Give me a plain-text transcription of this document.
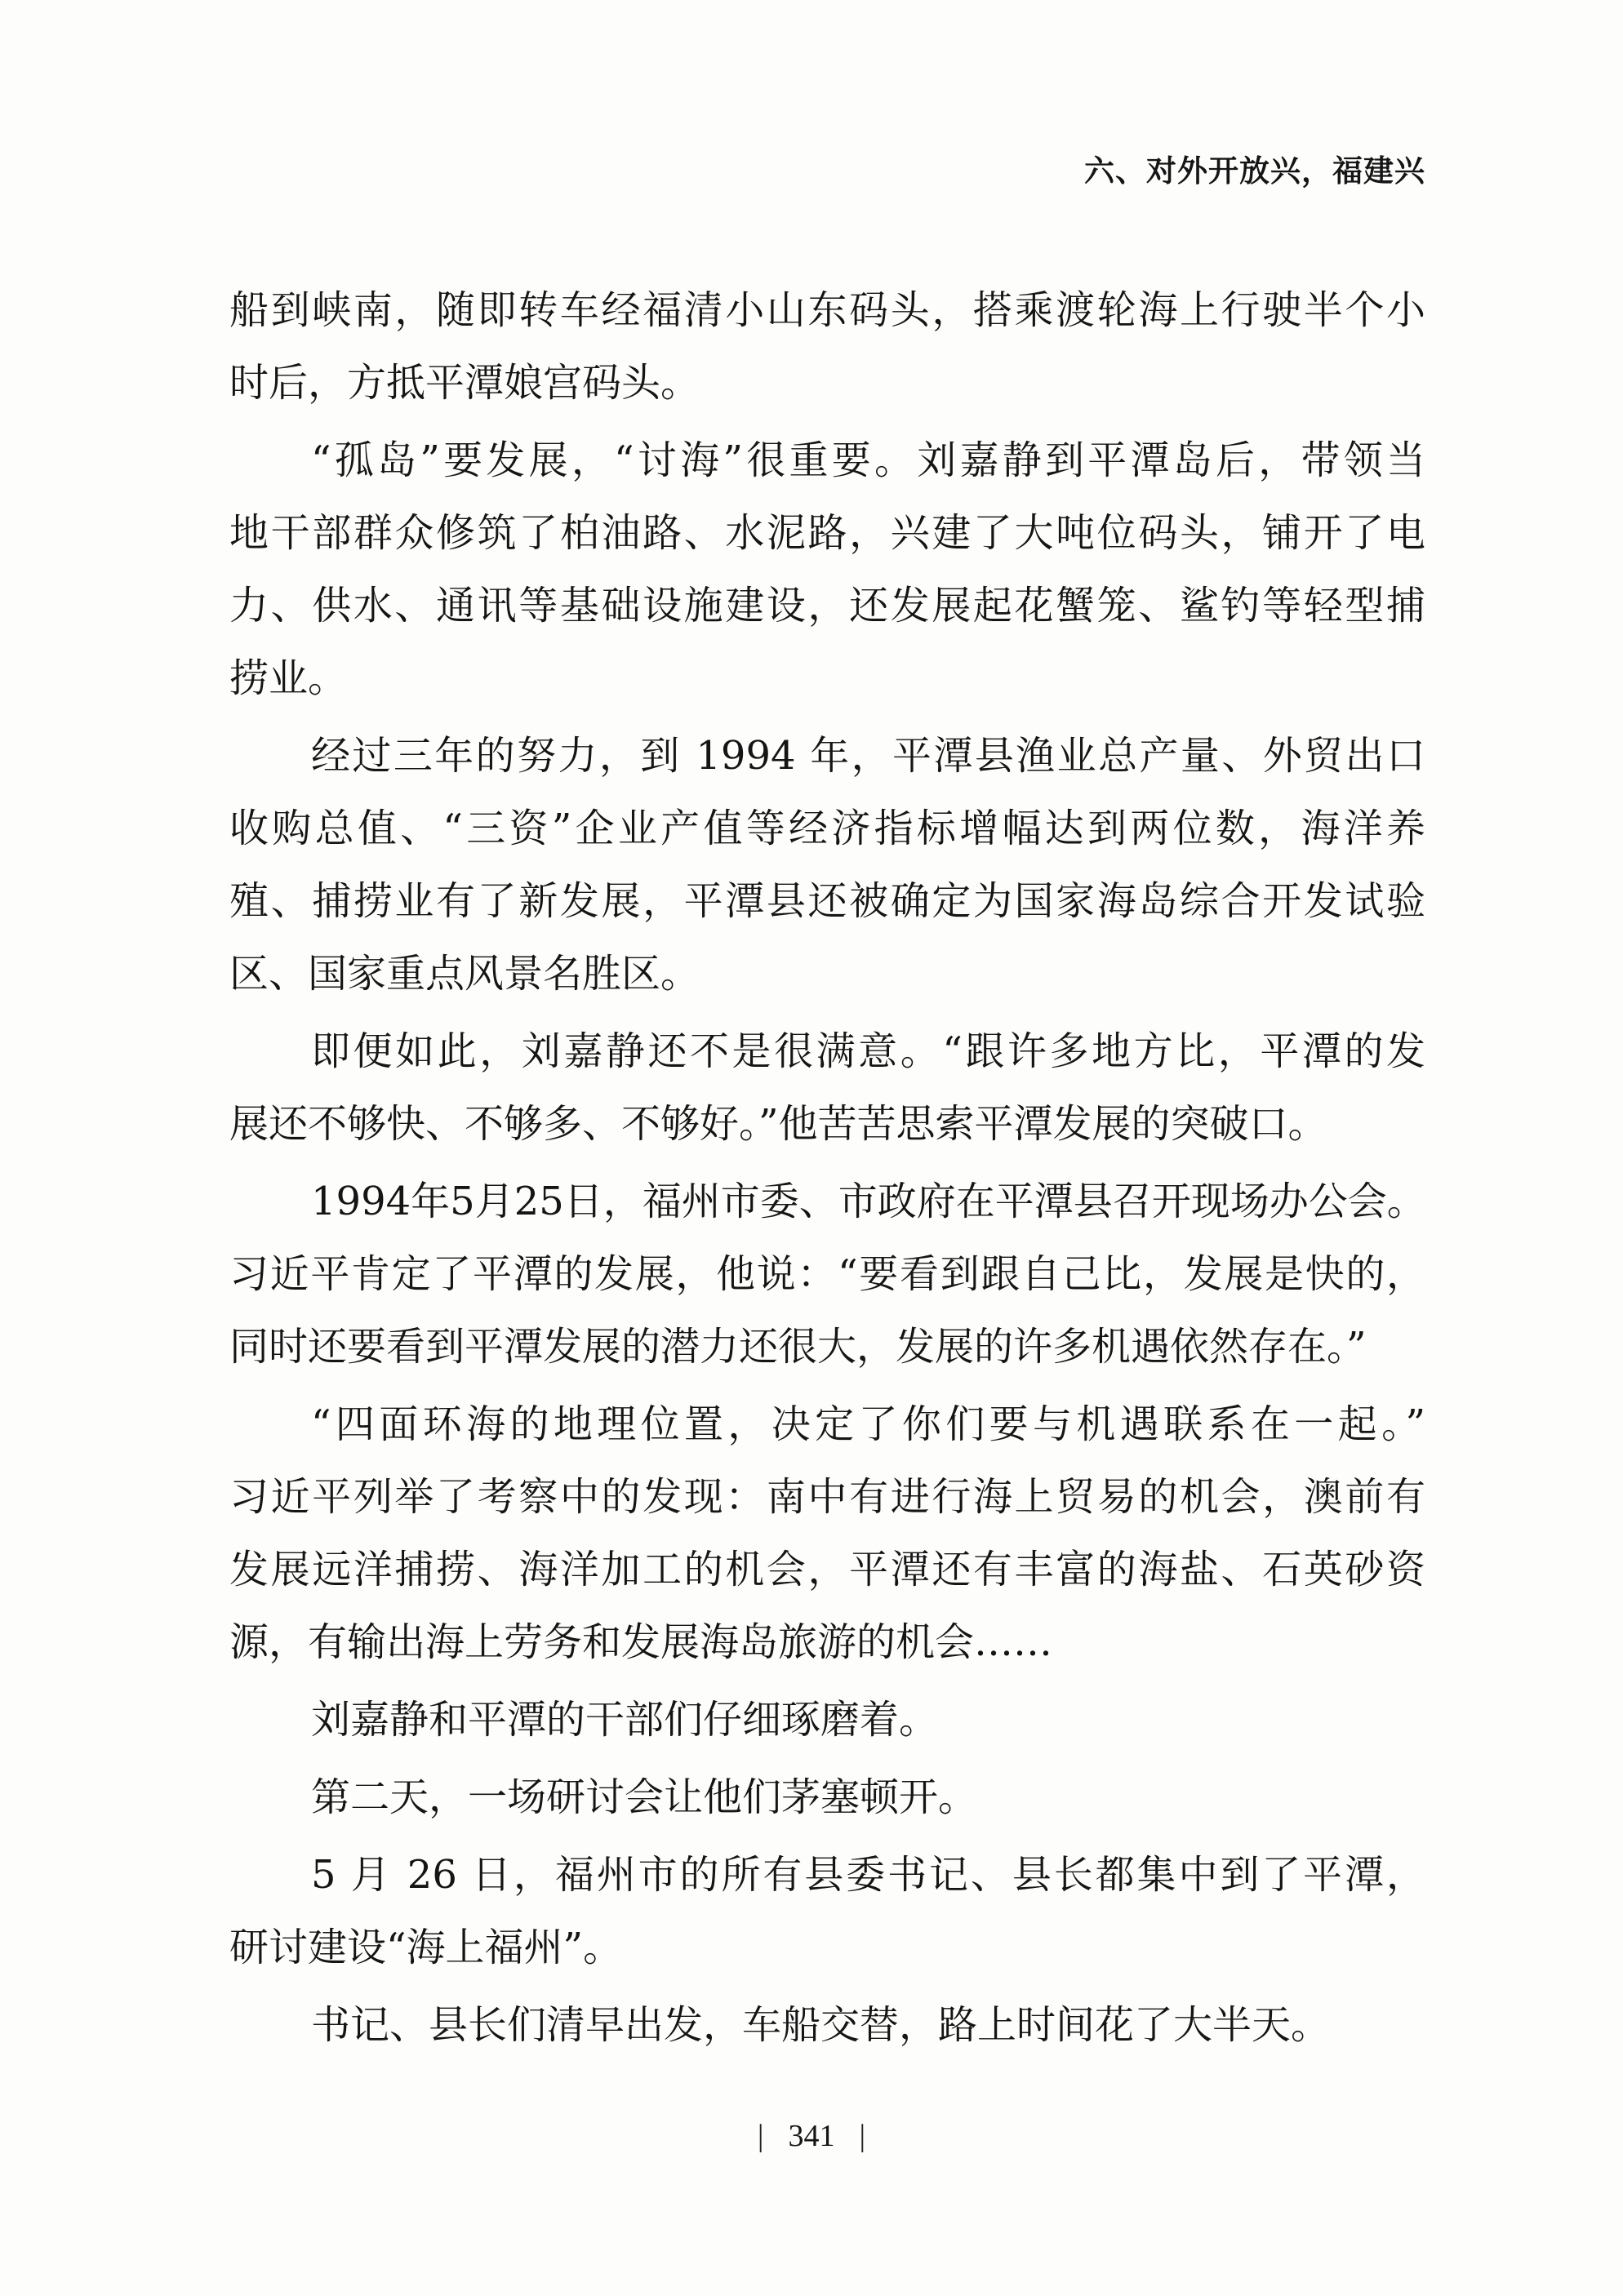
六、对外开放兴，福建兴
船到峡南，随即转车经福清小山东码头，搭乘渡轮海上行驶半个小
时后，方抵平潭娘宫码头。
“孤岛”要发展，“讨海”很重要。刘嘉静到平潭岛后，带领当
地干部群众修筑了柏油路、水泥路，兴建了大吨位码头，铺开了电
力、供水、通讯等基础设施建设，还发展起花蟹笼、鲨钓等轻型捕
捞业。
经过三年的努力，到 1994 年，平潭县渔业总产量、外贸出口
收购总值、“三资”企业产值等经济指标增幅达到两位数，海洋养
殖、捕捞业有了新发展，平潭县还被确定为国家海岛综合开发试验
区、国家重点风景名胜区。
即便如此，刘嘉静还不是很满意。“跟许多地方比，平潭的发
展还不够快、不够多、不够好。”他苦苦思索平潭发展的突破口。
1994年5月25日，福州市委、市政府在平潭县召开现场办公会。
习近平肯定了平潭的发展，他说：“要看到跟自己比，发展是快的，
同时还要看到平潭发展的潜力还很大，发展的许多机遇依然存在。”
“四面环海的地理位置，决定了你们要与机遇联系在一起。”
习近平列举了考察中的发现：南中有进行海上贸易的机会，澳前有
发展远洋捕捞、海洋加工的机会，平潭还有丰富的海盐、石英砂资
源，有输出海上劳务和发展海岛旅游的机会……
刘嘉静和平潭的干部们仔细琢磨着。
第二天，一场研讨会让他们茅塞顿开。
5 月 26 日，福州市的所有县委书记、县长都集中到了平潭，
研讨建设“海上福州”。
书记、县长们清早出发，车船交替，路上时间花了大半天。
| 341 |
